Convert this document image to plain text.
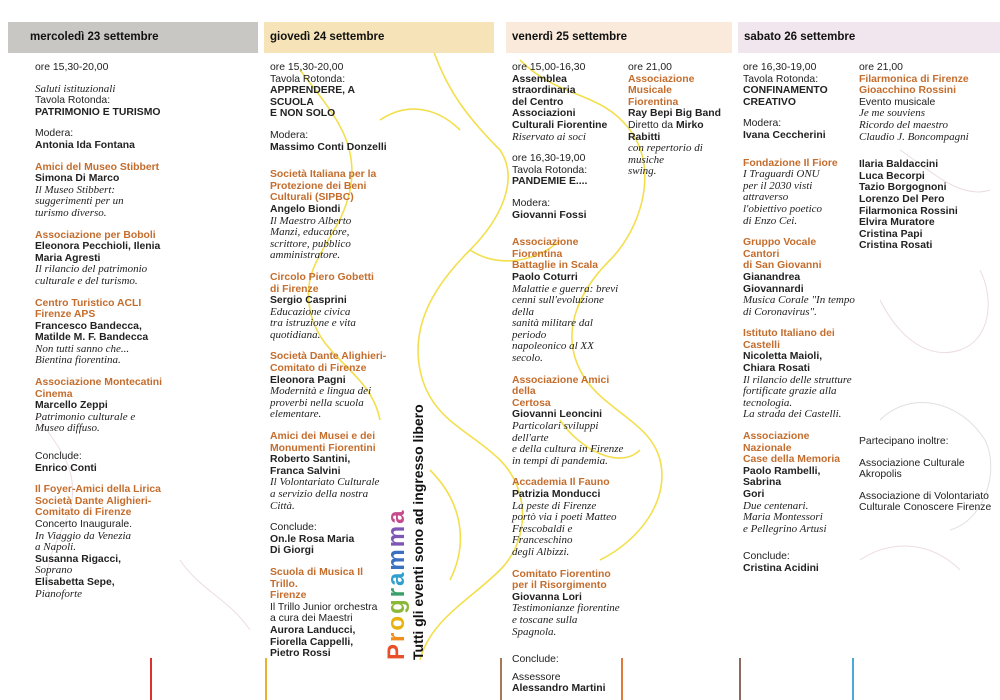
mercoledì 23 settembre	giovedì 24 settembre	venerdì 25 settembre	sabato 26 settembre
ore 15,30-20,00
Saluti istituzionali
Tavola Rotonda:
PATRIMONIO E TURISMO
Modera:
Antonia Ida Fontana
Amici del Museo Stibbert
Simona Di Marco
Il Museo Stibbert:
suggerimenti per un
turismo diverso.
Associazione per Boboli
Eleonora Pecchioli, Ilenia
Maria Agresti
Il rilancio del patrimonio
culturale e del turismo.
Centro Turistico ACLI
Firenze APS
Francesco Bandecca,
Matilde M. F. Bandecca
Non tutti sanno che...
Bientina fiorentina.
Associazione Montecatini
Cinema
Marcello Zeppi
Patrimonio culturale e
Museo diffuso.
Conclude:
Enrico Conti
Il Foyer-Amici della Lirica
Società Dante Alighieri-
Comitato di Firenze
Concerto Inaugurale.
In Viaggio da Venezia
a Napoli.
Susanna Rigacci,
Soprano
Elisabetta Sepe,
Pianoforte
ore 15,30-20,00
Tavola Rotonda:
APPRENDERE, A SCUOLA
E NON SOLO
Modera:
Massimo Conti Donzelli
Società Italiana per la
Protezione dei Beni
Culturali (SIPBC)
Angelo Biondi
Il Maestro Alberto
Manzi, educatore,
scrittore, pubblico
amministratore.
Circolo Piero Gobetti
di Firenze
Sergio Casprini
Educazione civica
tra istruzione e vita
quotidiana.
Società Dante Alighieri-
Comitato di Firenze
Eleonora Pagni
Modernità e lingua dei
proverbi nella scuola
elementare.
Amici dei Musei e dei
Monumenti Fiorentini
Roberto Santini,
Franca Salvini
Il Volontariato Culturale
a servizio della nostra
Città.
Conclude:
On.le Rosa Maria
Di Giorgi
Scuola di Musica Il Trillo.
Firenze
Il Trillo Junior orchestra
a cura dei Maestri
Aurora Landucci,
Fiorella Cappelli,
Pietro Rossi
ore 15,00-16,30
Assemblea straordinaria
del Centro Associazioni
Culturali Fiorentine
Riservato ai soci
ore 16,30-19,00
Tavola Rotonda:
PANDEMIE E....
Modera:
Giovanni Fossi
Associazione Fiorentina
Battaglie in Scala
Paolo Coturri
Malattie e guerra: brevi
cenni sull'evoluzione della
sanità militare dal periodo
napoleonico al XX secolo.
Associazione Amici della
Certosa
Giovanni Leoncini
Particolari sviluppi
dell'arte
e della cultura in Firenze
in tempi di pandemia.
Accademia Il Fauno
Patrizia Monducci
La peste di Firenze
portò via i poeti Matteo
Frescobaldi e Franceschino
degli Albizzi.
Comitato Fiorentino
per il Risorgimento
Giovanna Lori
Testimonianze fiorentine
e toscane sulla Spagnola.
Conclude:
Assessore
Alessandro Martini
ore 21,00
Associazione Musicale
Fiorentina
Ray Bepi Big Band
Diretto da Mirko Rabitti
con repertorio di musiche
swing.
ore 16,30-19,00
Tavola Rotonda:
CONFINAMENTO CREATIVO
Modera:
Ivana Ceccherini
Fondazione Il Fiore
I Traguardi ONU
per il 2030 visti attraverso
l'obiettivo poetico
di Enzo Cei.
Gruppo Vocale Cantori
di San Giovanni
Gianandrea Giovannardi
Musica Corale "In tempo
di Coronavirus".
Istituto Italiano dei Castelli
Nicoletta Maioli,
Chiara Rosati
Il rilancio delle strutture
fortificate grazie alla
tecnologia.
La strada dei Castelli.
Associazione Nazionale
Case della Memoria
Paolo Rambelli, Sabrina
Gori
Due centenari.
Maria Montessori
e Pellegrino Artusi
Conclude:
Cristina Acidini
ore 21,00
Filarmonica di Firenze
Gioacchino Rossini
Evento musicale
Je me souviens
Ricordo del maestro
Claudio J. Boncompagni
Ilaria Baldaccini
Luca Becorpi
Tazio Borgognoni
Lorenzo Del Pero
Filarmonica Rossini
Elvira Muratore
Cristina Papi
Cristina Rosati
Partecipano inoltre:
Associazione Culturale
Akropolis
Associazione di Volontariato
Culturale Conoscere Firenze
Programma Tutti gli eventi sono ad ingresso libero
